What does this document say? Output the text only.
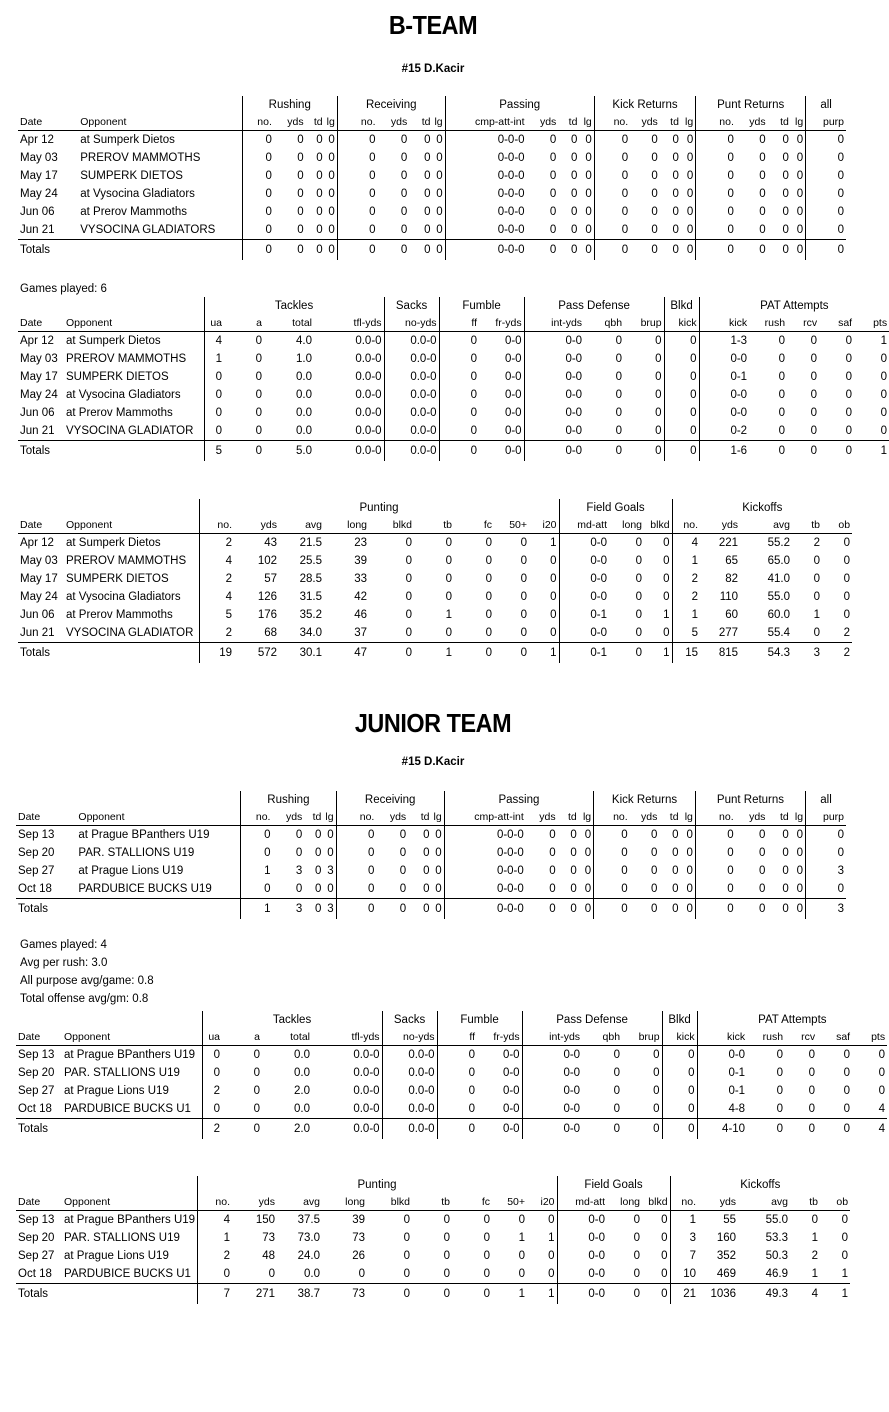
B-TEAM
#15 D.Kacir
		Rushing				Receiving				Passing				Kick Returns				Punt Returns				all
Date	Opponent	no.	yds	td	lg	no.	yds	td	lg	cmp-att-int	yds	td	lg	no.	yds	td	lg	no.	yds	td	lg	purp
Apr 12	at Sumperk Dietos	0	0	0	0	0	0	0	0	0-0-0	0	0	0	0	0	0	0	0	0	0	0	0
May 03	PREROV MAMMOTHS	0	0	0	0	0	0	0	0	0-0-0	0	0	0	0	0	0	0	0	0	0	0	0
May 17	SUMPERK DIETOS	0	0	0	0	0	0	0	0	0-0-0	0	0	0	0	0	0	0	0	0	0	0	0
May 24	at Vysocina Gladiators	0	0	0	0	0	0	0	0	0-0-0	0	0	0	0	0	0	0	0	0	0	0	0
Jun 06	at Prerov Mammoths	0	0	0	0	0	0	0	0	0-0-0	0	0	0	0	0	0	0	0	0	0	0	0
Jun 21	VYSOCINA GLADIATORS	0	0	0	0	0	0	0	0	0-0-0	0	0	0	0	0	0	0	0	0	0	0	0
Totals		0	0	0	0	0	0	0	0	0-0-0	0	0	0	0	0	0	0	0	0	0	0	0
Games played: 6
		Tackles				Sacks	Fumble		Pass Defense			Blkd	PAT Attempts				
Date	Opponent	ua	a	total	tfl-yds	no-yds	ff	fr-yds	int-yds	qbh	brup	kick	kick	rush	rcv	saf	pts
Apr 12	at Sumperk Dietos	4	0	4.0	0.0-0	0.0-0	0	0-0	0-0	0	0	0	1-3	0	0	0	1
May 03	PREROV MAMMOTHS	1	0	1.0	0.0-0	0.0-0	0	0-0	0-0	0	0	0	0-0	0	0	0	0
May 17	SUMPERK DIETOS	0	0	0.0	0.0-0	0.0-0	0	0-0	0-0	0	0	0	0-1	0	0	0	0
May 24	at Vysocina Gladiators	0	0	0.0	0.0-0	0.0-0	0	0-0	0-0	0	0	0	0-0	0	0	0	0
Jun 06	at Prerov Mammoths	0	0	0.0	0.0-0	0.0-0	0	0-0	0-0	0	0	0	0-0	0	0	0	0
Jun 21	VYSOCINA GLADIATOR	0	0	0.0	0.0-0	0.0-0	0	0-0	0-0	0	0	0	0-2	0	0	0	0
Totals		5	0	5.0	0.0-0	0.0-0	0	0-0	0-0	0	0	0	1-6	0	0	0	1
		Punting									Field Goals			Kickoffs				
Date	Opponent	no.	yds	avg	long	blkd	tb	fc	50+	i20	md-att	long	blkd	no.	yds	avg	tb	ob
Apr 12	at Sumperk Dietos	2	43	21.5	23	0	0	0	0	1	0-0	0	0	4	221	55.2	2	0
May 03	PREROV MAMMOTHS	4	102	25.5	39	0	0	0	0	0	0-0	0	0	1	65	65.0	0	0
May 17	SUMPERK DIETOS	2	57	28.5	33	0	0	0	0	0	0-0	0	0	2	82	41.0	0	0
May 24	at Vysocina Gladiators	4	126	31.5	42	0	0	0	0	0	0-0	0	0	2	110	55.0	0	0
Jun 06	at Prerov Mammoths	5	176	35.2	46	0	1	0	0	0	0-1	0	1	1	60	60.0	1	0
Jun 21	VYSOCINA GLADIATOR	2	68	34.0	37	0	0	0	0	0	0-0	0	0	5	277	55.4	0	2
Totals		19	572	30.1	47	0	1	0	0	1	0-1	0	1	15	815	54.3	3	2
JUNIOR TEAM
#15 D.Kacir
		Rushing				Receiving				Passing				Kick Returns				Punt Returns				all
Date	Opponent	no.	yds	td	lg	no.	yds	td	lg	cmp-att-int	yds	td	lg	no.	yds	td	lg	no.	yds	td	lg	purp
Sep 13	at Prague BPanthers U19	0	0	0	0	0	0	0	0	0-0-0	0	0	0	0	0	0	0	0	0	0	0	0
Sep 20	PAR. STALLIONS U19	0	0	0	0	0	0	0	0	0-0-0	0	0	0	0	0	0	0	0	0	0	0	0
Sep 27	at Prague Lions U19	1	3	0	3	0	0	0	0	0-0-0	0	0	0	0	0	0	0	0	0	0	0	3
Oct 18	PARDUBICE BUCKS U19	0	0	0	0	0	0	0	0	0-0-0	0	0	0	0	0	0	0	0	0	0	0	0
Totals		1	3	0	3	0	0	0	0	0-0-0	0	0	0	0	0	0	0	0	0	0	0	3
Games played: 4
Avg per rush: 3.0
All purpose avg/game: 0.8
Total offense avg/gm: 0.8
		Tackles				Sacks	Fumble		Pass Defense			Blkd	PAT Attempts				
Date	Opponent	ua	a	total	tfl-yds	no-yds	ff	fr-yds	int-yds	qbh	brup	kick	kick	rush	rcv	saf	pts
Sep 13	at Prague BPanthers U19	0	0	0.0	0.0-0	0.0-0	0	0-0	0-0	0	0	0	0-0	0	0	0	0
Sep 20	PAR. STALLIONS U19	0	0	0.0	0.0-0	0.0-0	0	0-0	0-0	0	0	0	0-1	0	0	0	0
Sep 27	at Prague Lions U19	2	0	2.0	0.0-0	0.0-0	0	0-0	0-0	0	0	0	0-1	0	0	0	0
Oct 18	PARDUBICE BUCKS U1	0	0	0.0	0.0-0	0.0-0	0	0-0	0-0	0	0	0	4-8	0	0	0	4
Totals		2	0	2.0	0.0-0	0.0-0	0	0-0	0-0	0	0	0	4-10	0	0	0	4
		Punting									Field Goals			Kickoffs				
Date	Opponent	no.	yds	avg	long	blkd	tb	fc	50+	i20	md-att	long	blkd	no.	yds	avg	tb	ob
Sep 13	at Prague BPanthers U19	4	150	37.5	39	0	0	0	0	0	0-0	0	0	1	55	55.0	0	0
Sep 20	PAR. STALLIONS U19	1	73	73.0	73	0	0	0	1	1	0-0	0	0	3	160	53.3	1	0
Sep 27	at Prague Lions U19	2	48	24.0	26	0	0	0	0	0	0-0	0	0	7	352	50.3	2	0
Oct 18	PARDUBICE BUCKS U1	0	0	0.0	0	0	0	0	0	0	0-0	0	0	10	469	46.9	1	1
Totals		7	271	38.7	73	0	0	0	1	1	0-0	0	0	21	1036	49.3	4	1
